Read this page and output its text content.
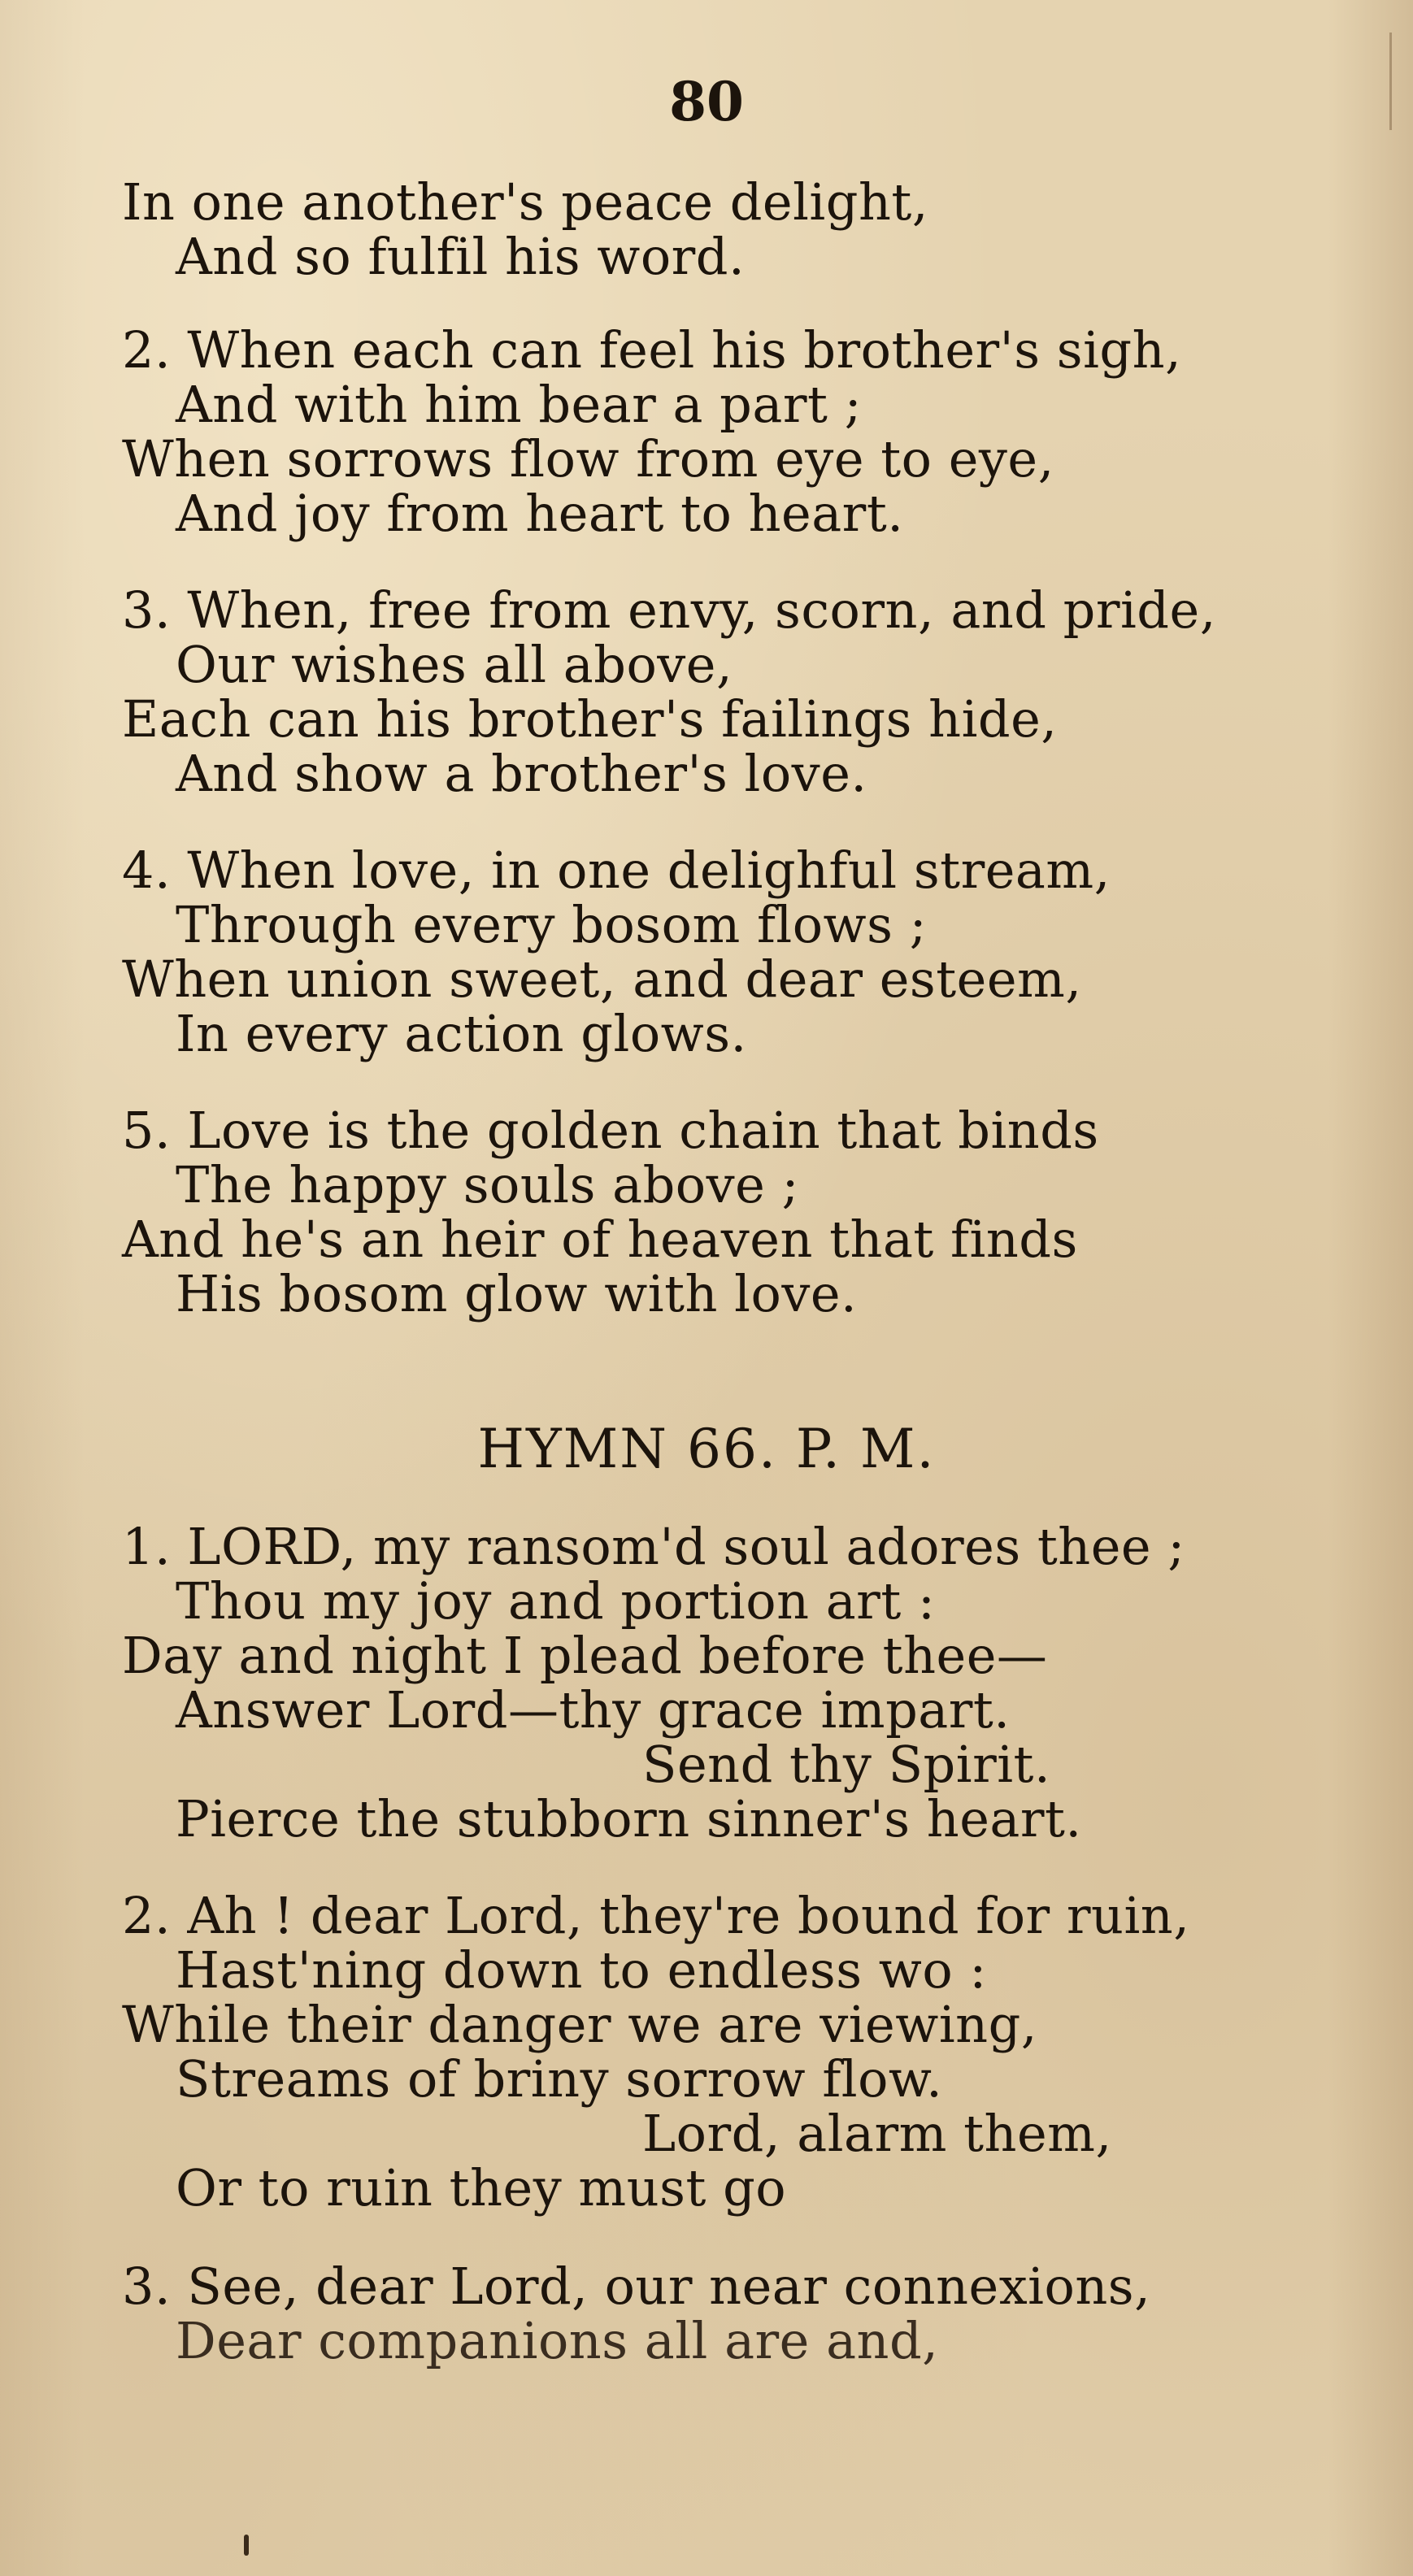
80
In one another's peace delight,
And so fulfil his word.
2. When each can feel his brother's sigh,
And with him bear a part ;
When sorrows flow from eye to eye,
And joy from heart to heart.
3. When, free from envy, scorn, and pride,
Our wishes all above,
Each can his brother's failings hide,
And show a brother's love.
4. When love, in one delighful stream,
Through every bosom flows ;
When union sweet, and dear esteem,
In every action glows.
5. Love is the golden chain that binds
The happy souls above ;
And he's an heir of heaven that finds
His bosom glow with love.
HYMN 66. P. M.
1. LORD, my ransom'd soul adores thee ;
Thou my joy and portion art :
Day and night I plead before thee—
Answer Lord—thy grace impart.
Send thy Spirit.
Pierce the stubborn sinner's heart.
2. Ah ! dear Lord, they're bound for ruin,
Hast'ning down to endless wo :
While their danger we are viewing,
Streams of briny sorrow flow.
Lord, alarm them,
Or to ruin they must go
3. See, dear Lord, our near connexions,
Dear companions all are and,
